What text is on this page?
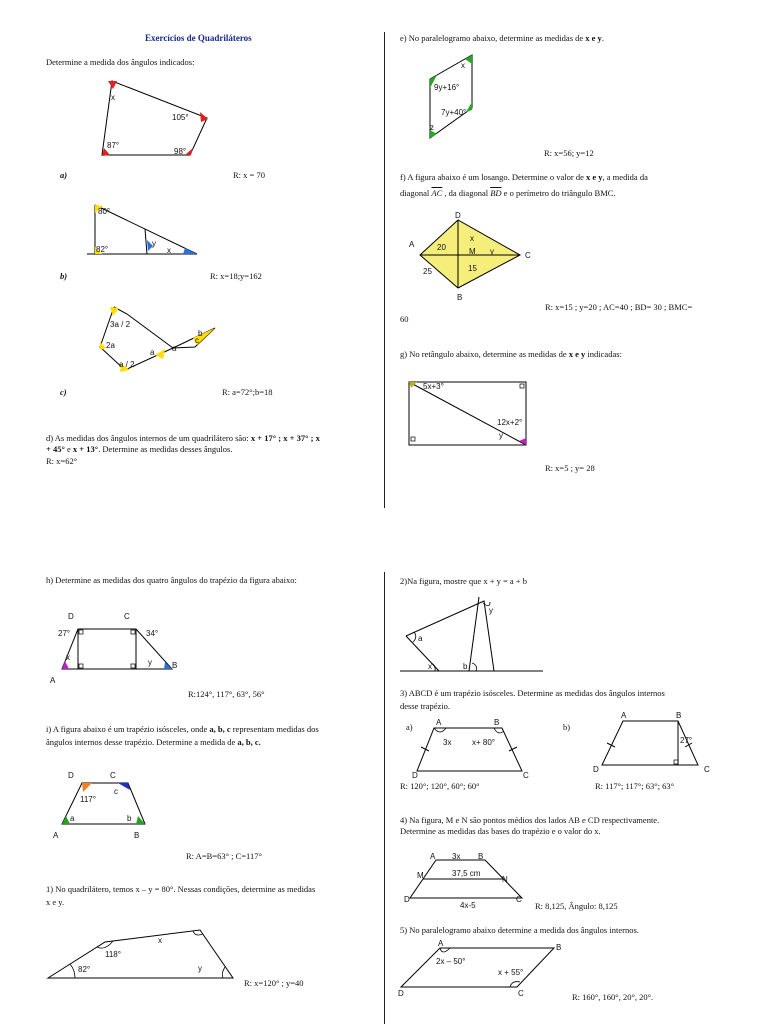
Exercícios de Quadriláteros
Determine a medida dos ângulos indicados:
x
105°
87°
98°
a)	R: x = 70
80°
82°
y
x
b)	R: x=18;y=162
3a / 2
2a
a
a / 2
a
b
c
c)	R: a=72°;b=18
d) As medidas dos ângulos internos de um quadrilátero são: x + 17° ; x + 37° ; x
+ 45° e x + 13°. Determine as medidas desses ângulos.
R: x=62°
e) No paralelogramo abaixo, determine as medidas de x e y.
x
9y+16°
7y+40°
z
R: x=56; y=12
f) A figura abaixo é um losango. Determine o valor de x e y, a medida da
diagonal $\overline{AC}$ , da diagonal $\overline{BD}$ e o perímetro do triângulo BMC.
D
A
C
B
20
x
M y
25	15
R: x=15 ; y=20 ; AC=40 ; BD= 30 ; BMC=
60
g) No retângulo abaixo, determine as medidas de x e y indicadas:
5x+3°
12x+2°
y
R: x=5 ; y= 28
h) Determine as medidas dos quatro ângulos do trapézio da figura abaixo:
D	C
27°	34°
x
y
A
B
R:124°, 117°, 63°, 56°
i) A figura abaixo é um trapézio isósceles, onde a, b, c representam medidas dos
ângulos internos desse trapézio. Determine a medida de a, b, c.
D	C
117°
c
a	b
A	B
R: A=B=63° ; C=117°
1) No quadrilátero, temos x – y = 80°. Nessas condições, determine as medidas
x e y.
118°
x
82°	y
R: x=120° ; y=40
2)Na figura, mostre que x + y = a + b
y
a
x	b
3) ABCD é um trapézio isósceles. Determine as medidas dos ângulos internos
desse trapézio.
a)	A	B
D	C
3x	x+ 80°
R: 120°; 120°, 60°; 60°
b)
A	B
D	C
27°
R: 117°; 117°; 63°; 63°
4) Na figura, M e N são pontos médios dos lados AB e CD respectivamente.
Determine as medidas das bases do trapézio e o valor do x.
A 3x B
M	37,5 cm
N
D
4x-5
C
R: 8,125, Ângulo: 8,125
5) No paralelogramo abaixo determine a medida dos ângulos internos.
A	B
2x – 50°
x + 55°
D	C	R: 160°, 160°, 20°, 20°.
